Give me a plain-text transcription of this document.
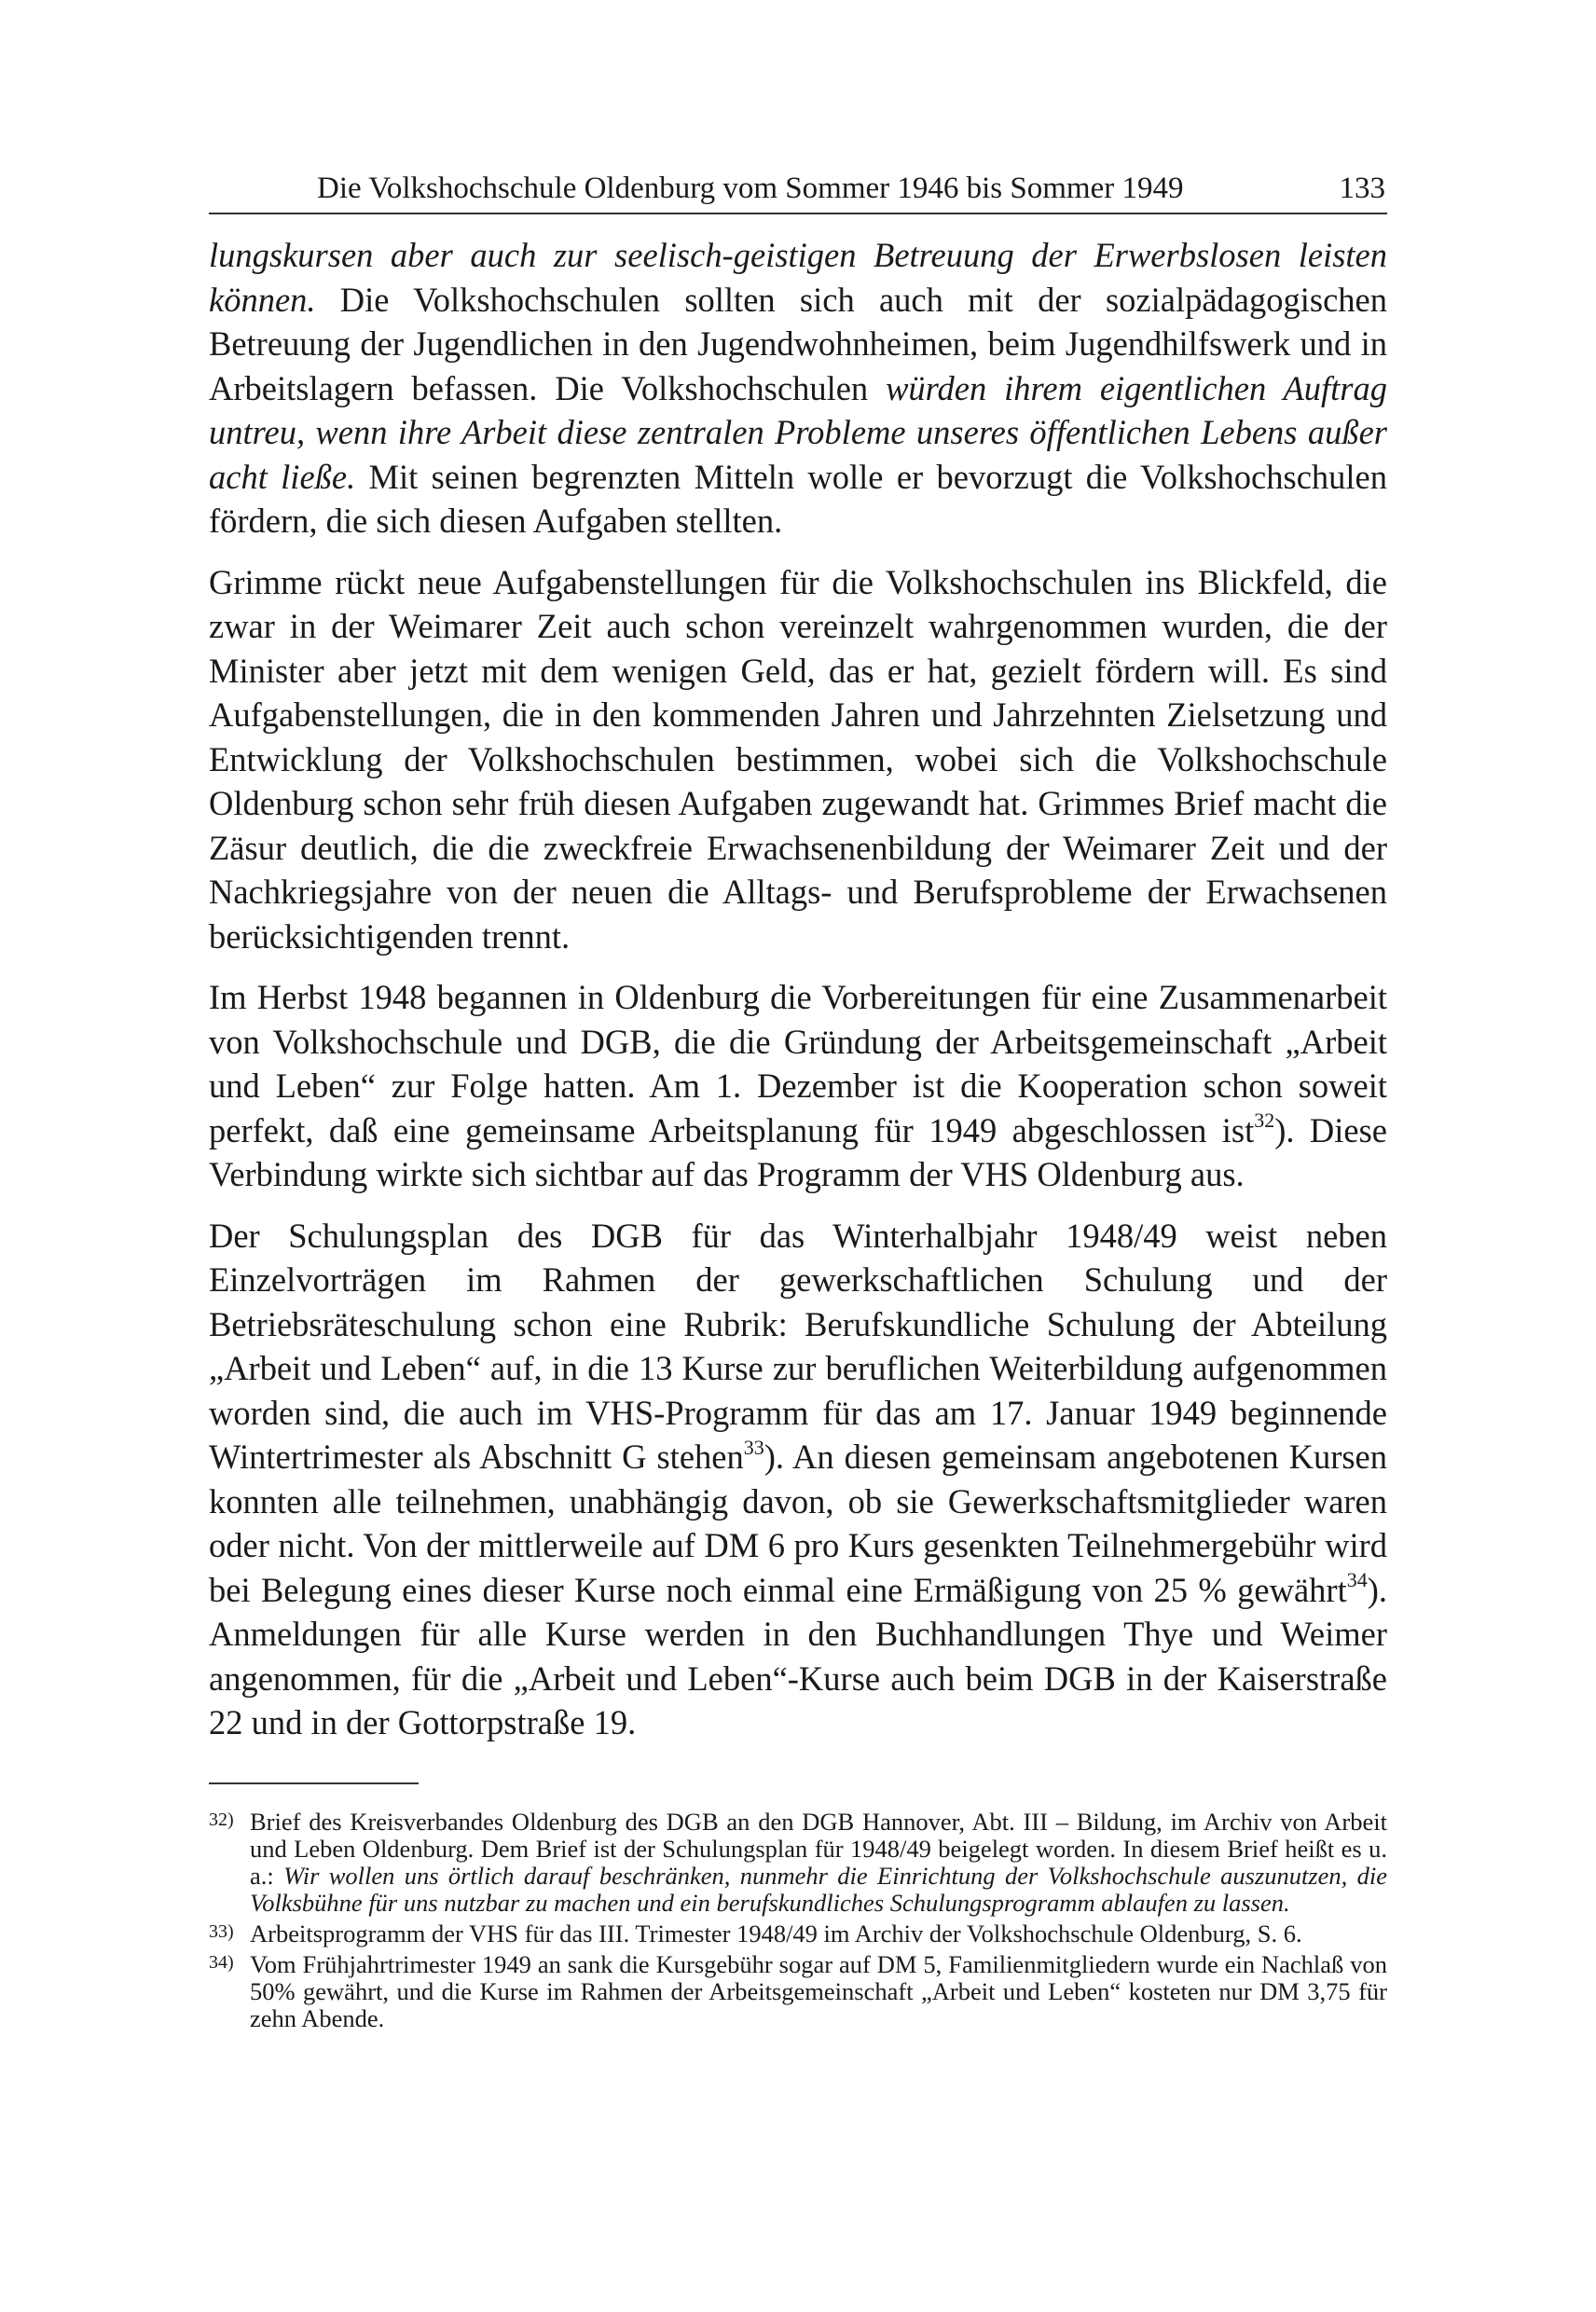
Die Volkshochschule Oldenburg vom Sommer 1946 bis Sommer 1949	133

lungskursen aber auch zur seelisch-geistigen Betreuung der Erwerbslosen leisten können. Die Volkshochschulen sollten sich auch mit der sozialpädagogischen Betreuung der Jugendlichen in den Jugendwohnheimen, beim Jugendhilfswerk und in Arbeitslagern befassen. Die Volkshochschulen würden ihrem eigentlichen Auftrag untreu, wenn ihre Arbeit diese zentralen Probleme unseres öffentlichen Lebens außer acht ließe. Mit seinen begrenzten Mitteln wolle er bevorzugt die Volkshochschulen fördern, die sich diesen Aufgaben stellten.

Grimme rückt neue Aufgabenstellungen für die Volkshochschulen ins Blickfeld, die zwar in der Weimarer Zeit auch schon vereinzelt wahrgenommen wurden, die der Minister aber jetzt mit dem wenigen Geld, das er hat, gezielt fördern will. Es sind Aufgabenstellungen, die in den kommenden Jahren und Jahrzehnten Zielsetzung und Entwicklung der Volkshochschulen bestimmen, wobei sich die Volkshochschule Oldenburg schon sehr früh diesen Aufgaben zugewandt hat. Grimmes Brief macht die Zäsur deutlich, die die zweckfreie Erwachsenenbildung der Weimarer Zeit und der Nachkriegsjahre von der neuen die Alltags- und Berufsprobleme der Erwachsenen berücksichtigenden trennt.

Im Herbst 1948 begannen in Oldenburg die Vorbereitungen für eine Zusammenarbeit von Volkshochschule und DGB, die die Gründung der Arbeitsgemeinschaft „Arbeit und Leben“ zur Folge hatten. Am 1. Dezember ist die Kooperation schon soweit perfekt, daß eine gemeinsame Arbeitsplanung für 1949 abgeschlossen ist$^{32}$). Diese Verbindung wirkte sich sichtbar auf das Programm der VHS Oldenburg aus.

Der Schulungsplan des DGB für das Winterhalbjahr 1948/49 weist neben Einzelvorträgen im Rahmen der gewerkschaftlichen Schulung und der Betriebsräteschulung schon eine Rubrik: Berufskundliche Schulung der Abteilung „Arbeit und Leben“ auf, in die 13 Kurse zur beruflichen Weiterbildung aufgenommen worden sind, die auch im VHS-Programm für das am 17. Januar 1949 beginnende Wintertrimester als Abschnitt G stehen$^{33}$). An diesen gemeinsam angebotenen Kursen konnten alle teilnehmen, unabhängig davon, ob sie Gewerkschaftsmitglieder waren oder nicht. Von der mittlerweile auf DM 6 pro Kurs gesenkten Teilnehmergebühr wird bei Belegung eines dieser Kurse noch einmal eine Ermäßigung von 25 % gewährt$^{34}$). Anmeldungen für alle Kurse werden in den Buchhandlungen Thye und Weimer angenommen, für die „Arbeit und Leben“-Kurse auch beim DGB in der Kaiserstraße 22 und in der Gottorpstraße 19.

32) Brief des Kreisverbandes Oldenburg des DGB an den DGB Hannover, Abt. III – Bildung, im Archiv von Arbeit und Leben Oldenburg. Dem Brief ist der Schulungsplan für 1948/49 beigelegt worden. In diesem Brief heißt es u. a.: Wir wollen uns örtlich darauf beschränken, nunmehr die Einrichtung der Volkshochschule auszunutzen, die Volksbühne für uns nutzbar zu machen und ein berufskundliches Schulungsprogramm ablaufen zu lassen.
33) Arbeitsprogramm der VHS für das III. Trimester 1948/49 im Archiv der Volkshochschule Oldenburg, S. 6.
34) Vom Frühjahrtrimester 1949 an sank die Kursgebühr sogar auf DM 5, Familienmitgliedern wurde ein Nachlaß von 50% gewährt, und die Kurse im Rahmen der Arbeitsgemeinschaft „Arbeit und Leben“ kosteten nur DM 3,75 für zehn Abende.
